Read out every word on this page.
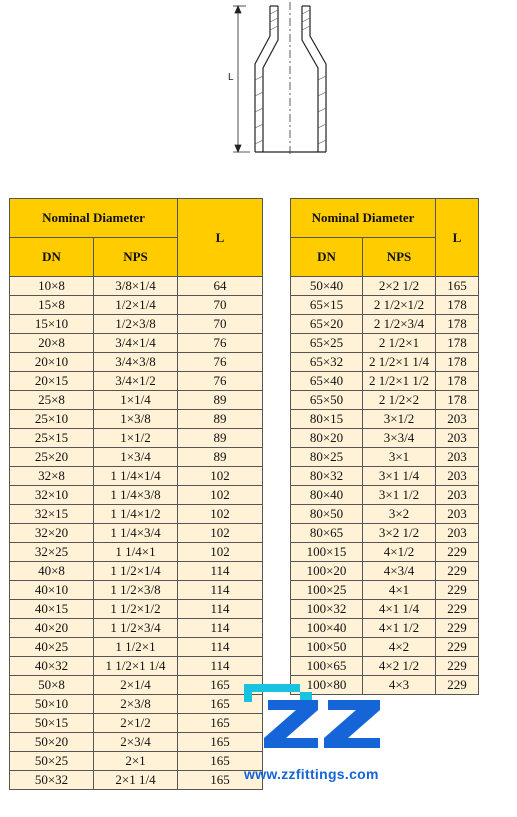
L
Nominal Diameter		L
DN	NPS	
10×8	3/8×1/4	64
15×8	1/2×1/4	70
15×10	1/2×3/8	70
20×8	3/4×1/4	76
20×10	3/4×3/8	76
20×15	3/4×1/2	76
25×8	1×1/4	89
25×10	1×3/8	89
25×15	1×1/2	89
25×20	1×3/4	89
32×8	1 1/4×1/4	102
32×10	1 1/4×3/8	102
32×15	1 1/4×1/2	102
32×20	1 1/4×3/4	102
32×25	1 1/4×1	102
40×8	1 1/2×1/4	114
40×10	1 1/2×3/8	114
40×15	1 1/2×1/2	114
40×20	1 1/2×3/4	114
40×25	1 1/2×1	114
40×32	1 1/2×1 1/4	114
50×8	2×1/4	165
50×10	2×3/8	165
50×15	2×1/2	165
50×20	2×3/4	165
50×25	2×1	165
50×32	2×1 1/4	165
Nominal Diameter		L
DN	NPS	
50×40	2×2 1/2	165
65×15	2 1/2×1/2	178
65×20	2 1/2×3/4	178
65×25	2 1/2×1	178
65×32	2 1/2×1 1/4	178
65×40	2 1/2×1 1/2	178
65×50	2 1/2×2	178
80×15	3×1/2	203
80×20	3×3/4	203
80×25	3×1	203
80×32	3×1 1/4	203
80×40	3×1 1/2	203
80×50	3×2	203
80×65	3×2 1/2	203
100×15	4×1/2	229
100×20	4×3/4	229
100×25	4×1	229
100×32	4×1 1/4	229
100×40	4×1 1/2	229
100×50	4×2	229
100×65	4×2 1/2	229
100×80	4×3	229
www.zzfittings.com
